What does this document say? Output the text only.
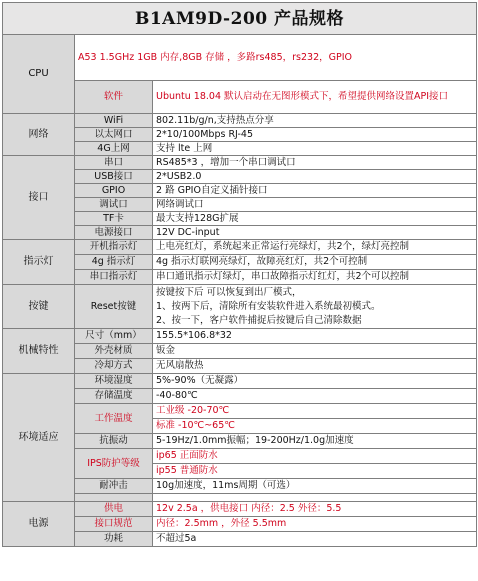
B1AM9D-200 产品规格		
CPU	A53 1.5GHz 1GB 内存,8GB 存储 ，多路rs485，rs232，GPIO	
	软件	Ubuntu 18.04 默认启动在无图形模式下，希望提供网络设置API接口
网络	WiFi	802.11b/g/n,支持热点分享
	以太网口	2*10/100Mbps RJ-45
	4G上网	支持 lte 上网
接口	串口	RS485*3 ，增加一个串口调试口
	USB接口	2*USB2.0
	GPIO	2 路 GPIO自定义插针接口
	调试口	网络调试口
	TF卡	最大支持128G扩展
	电源接口	12V DC-input
指示灯	开机指示灯	上电亮红灯，系统起来正常运行亮绿灯，共2个，绿灯亮控制
	4g 指示灯	4g 指示灯联网亮绿灯，故障亮红灯，共2个可控制
	串口指示灯	串口通讯指示灯绿灯，串口故障指示灯红灯，共2个可以控制
按键	Reset按键	按键按下后 可以恢复到出厂模式，
1、按两下后，清除所有安装软件进入系统最初模式。
2、按一下，客户软件捕捉后按键后自己清除数据

机械特性	尺寸（mm）	155.5*106.8*32
	外壳材质	钣金
	冷却方式	无风扇散热
环境适应	环境湿度	5%-90%（无凝露）
	存储温度	-40-80℃
	工作温度	工业级 -20-70℃
		标准 -10℃~65℃
	抗振动	5-19Hz/1.0mm振幅；19-200Hz/1.0g加速度
	IPS防护等级	ip65 正面防水
		ip55 普通防水
	耐冲击	10g加速度，11ms周期（可选）

电源	供电	12v 2.5a ，供电接口 内径：2.5 外径：5.5
	接口规范	内径：2.5mm ，外径 5.5mm
	功耗	不超过5a
